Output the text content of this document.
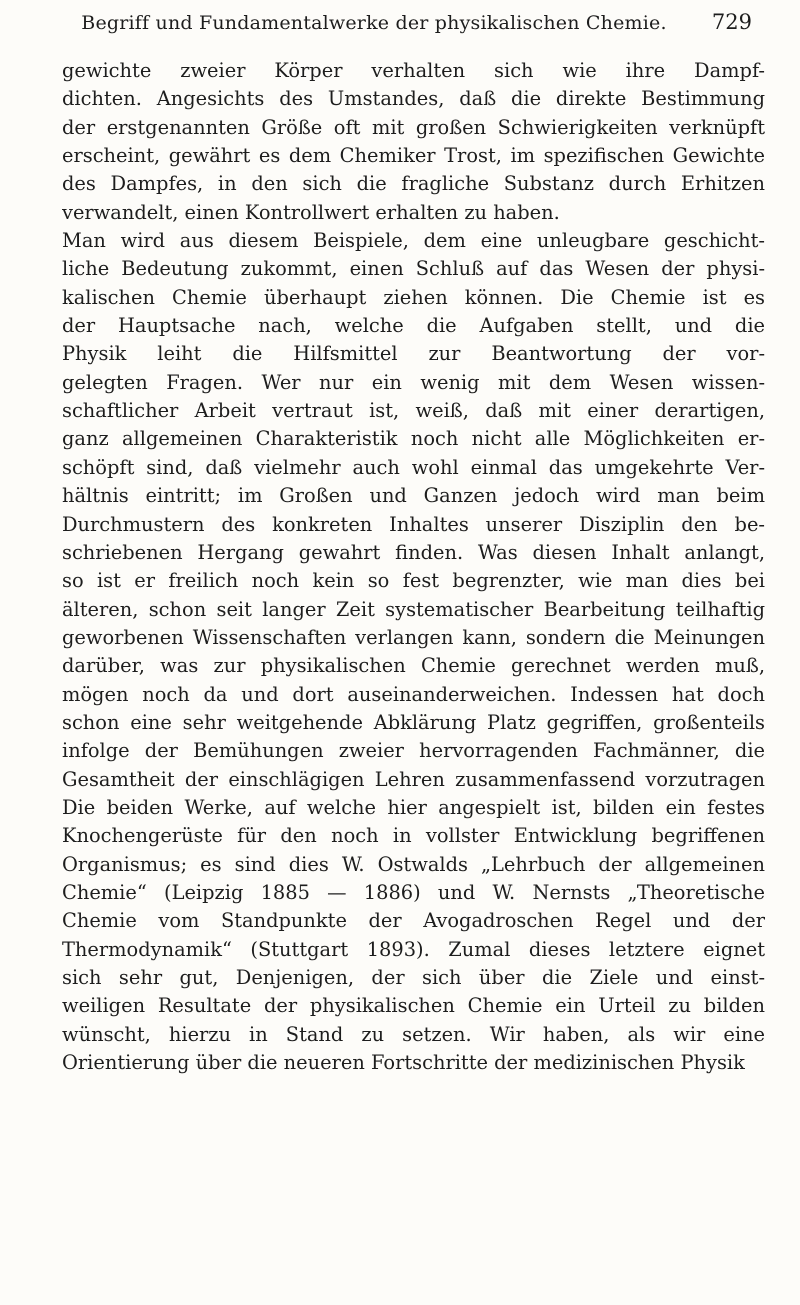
Begriff und Fundamentalwerke der physikalischen Chemie.	729
gewichte zweier Körper verhalten sich wie ihre Dampf-
dichten. Angesichts des Umstandes, daß die direkte Bestimmung
der erstgenannten Größe oft mit großen Schwierigkeiten verknüpft
erscheint, gewährt es dem Chemiker Trost, im spezifischen Gewichte
des Dampfes, in den sich die fragliche Substanz durch Erhitzen
verwandelt, einen Kontrollwert erhalten zu haben.
Man wird aus diesem Beispiele, dem eine unleugbare geschicht-
liche Bedeutung zukommt, einen Schluß auf das Wesen der physi-
kalischen Chemie überhaupt ziehen können. Die Chemie ist es
der Hauptsache nach, welche die Aufgaben stellt, und die
Physik leiht die Hilfsmittel zur Beantwortung der vor-
gelegten Fragen. Wer nur ein wenig mit dem Wesen wissen-
schaftlicher Arbeit vertraut ist, weiß, daß mit einer derartigen,
ganz allgemeinen Charakteristik noch nicht alle Möglichkeiten er-
schöpft sind, daß vielmehr auch wohl einmal das umgekehrte Ver-
hältnis eintritt; im Großen und Ganzen jedoch wird man beim
Durchmustern des konkreten Inhaltes unserer Disziplin den be-
schriebenen Hergang gewahrt finden. Was diesen Inhalt anlangt,
so ist er freilich noch kein so fest begrenzter, wie man dies bei
älteren, schon seit langer Zeit systematischer Bearbeitung teilhaftig
geworbenen Wissenschaften verlangen kann, sondern die Meinungen
darüber, was zur physikalischen Chemie gerechnet werden muß,
mögen noch da und dort auseinanderweichen. Indessen hat doch
schon eine sehr weitgehende Abklärung Platz gegriffen, großenteils
infolge der Bemühungen zweier hervorragenden Fachmänner, die
Gesamtheit der einschlägigen Lehren zusammenfassend vorzutragen
Die beiden Werke, auf welche hier angespielt ist, bilden ein festes
Knochengerüste für den noch in vollster Entwicklung begriffenen
Organismus; es sind dies W. Ostwalds „Lehrbuch der allgemeinen
Chemie“ (Leipzig 1885 — 1886) und W. Nernsts „Theoretische
Chemie vom Standpunkte der Avogadroschen Regel und der
Thermodynamik“ (Stuttgart 1893). Zumal dieses letztere eignet
sich sehr gut, Denjenigen, der sich über die Ziele und einst-
weiligen Resultate der physikalischen Chemie ein Urteil zu bilden
wünscht, hierzu in Stand zu setzen. Wir haben, als wir eine
Orientierung über die neueren Fortschritte der medizinischen Physik
